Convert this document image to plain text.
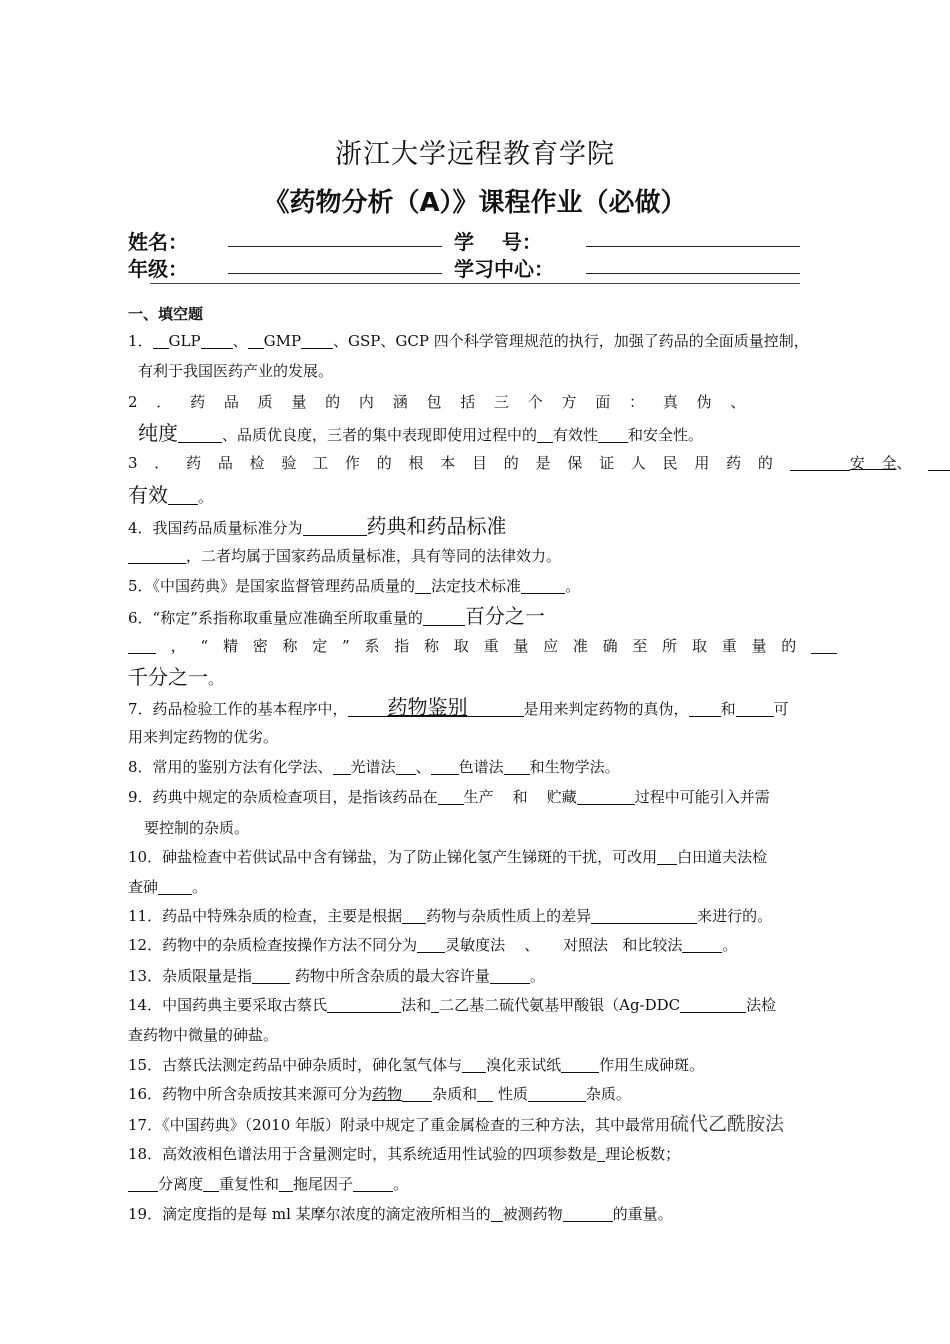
浙江大学远程教育学院
《药物分析（A）》课程作业（必做）
姓名：	学    号：
年级：	学习中心：
一、填空题
1． GLP 、 GMP 、GSP、GCP 四个科学管理规范的执行，加强了药品的全面质量控制，
有利于我国医药产业的发展。
2 ． 药 品 质 量 的 内 涵 包 括 三 个 方 面 ： 真 伪 、
纯度	、品质优良度，三者的集中表现即使用过程中的 有效性 和安全性。
3 ． 药 品 检 验 工 作 的 根 本 目 的 是 保 证 人 民 用 药 的	安 全、
有效 。
4．我国药品质量标准分为	药典和药品标准
，二者均属于国家药品质量标准，具有等同的法律效力。
5．《中国药典》是国家监督管理药品质量的 法定技术标准	。
6．“称定”系指称取重量应准确至所取重量的 百分之一
， “ 精 密 称 定 ” 系 指 称 取 重 量 应 准 确 至 所 取 重 量 的
千分之一。
7．药品检验工作的基本程序中， 药物鉴别	是用来判定药物的真伪， 和	可
用来判定药物的优劣。
8．常用的鉴别方法有化学法、 光谱法 、 色谱法 和生物学法。
9．药典中规定的杂质检查项目，是指该药品在 生产 和 贮藏	过程中可能引入并需
要控制的杂质。
10．砷盐检查中若供试品中含有锑盐，为了防止锑化氢产生锑斑的干扰，可改用 白田道夫法检
查砷 。
11．药品中特殊杂质的检查，主要是根据 药物与杂质性质上的差异	来进行的。
12．药物中的杂质检查按操作方法不同分为 灵敏度法 、 对照法 和比较法	。
13．杂质限量是指	药物中所含杂质的最大容许量	。
14．中国药典主要采取古蔡氏	法和 二乙基二硫代氨基甲酸银（Ag-DDC	法检
查药物中微量的砷盐。
15．古蔡氏法测定药品中砷杂质时，砷化氢气体与 溴化汞试纸	作用生成砷斑。
16．药物中所含杂质按其来源可分为药物 杂质和 性质	杂质。
17．《中国药典》（2010 年版）附录中规定了重金属检查的三种方法，其中最常用硫代乙酰胺法
18．高效液相色谱法用于含量测定时，其系统适用性试验的四项参数是 理论板数；
分离度 重复性和 拖尾因子	。
19．滴定度指的是每 ml 某摩尔浓度的滴定液所相当的 被测药物	的重量。
